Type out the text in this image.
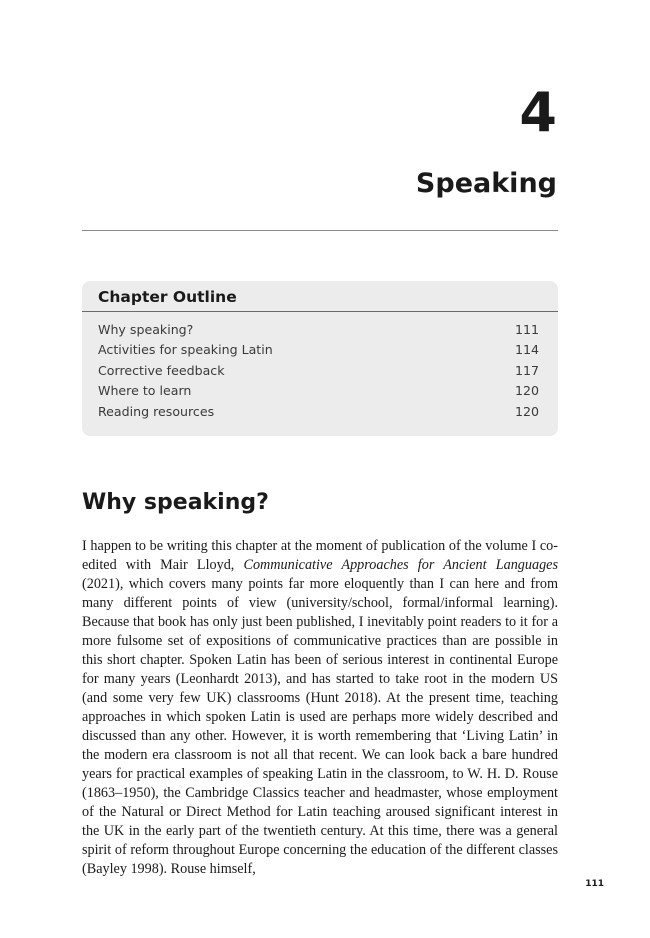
4
Speaking
Chapter Outline
Why speaking?	111
Activities for speaking Latin	114
Corrective feedback	117
Where to learn	120
Reading resources	120
Why speaking?

I happen to be writing this chapter at the moment of publication of the volume I co-edited with Mair Lloyd, Communicative Approaches for Ancient Languages (2021), which covers many points far more eloquently than I can here and from many different points of view (university/school, formal/informal learning). Because that book has only just been published, I inevitably point readers to it for a more fulsome set of expositions of communicative practices than are possible in this short chapter. Spoken Latin has been of serious interest in continental Europe for many years (Leonhardt 2013), and has started to take root in the modern US (and some very few UK) classrooms (Hunt 2018). At the present time, teaching approaches in which spoken Latin is used are perhaps more widely described and discussed than any other. However, it is worth remembering that ‘Living Latin’ in the modern era classroom is not all that recent. We can look back a bare hundred years for practical examples of speaking Latin in the classroom, to W. H. D. Rouse (1863–1950), the Cambridge Classics teacher and headmaster, whose employment of the Natural or Direct Method for Latin teaching aroused significant interest in the UK in the early part of the twentieth century. At this time, there was a general spirit of reform throughout Europe concerning the education of the different classes (Bayley 1998). Rouse himself,

111
